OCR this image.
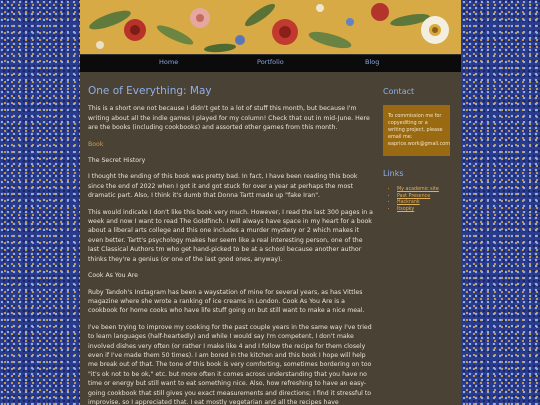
Home	Portfolio	Blog
One of Everything: May

This is a short one not because I didn't get to a lot of stuff this month, but because I'm writing about all the indie games I played for my column! Check that out in mid-June. Here are the books (including cookbooks) and assorted other games from this month.

Book

The Secret History

I thought the ending of this book was pretty bad. In fact, I have been reading this book since the end of 2022 when I got it and got stuck for over a year at perhaps the most dramatic part. Also, I think it's dumb that Donna Tartt made up "fake Iran".

This would indicate I don't like this book very much. However, I read the last 300 pages in a week and now I want to read The Goldfinch. I will always have space in my heart for a book about a liberal arts college and this one includes a murder mystery or 2 which makes it even better. Tartt's psychology makes her seem like a real interesting person, one of the last Classical Authors tm who get hand-picked to be at a school because another author thinks they're a genius (or one of the last good ones, anyway).

Cook As You Are

Ruby Tandoh's Instagram has been a waystation of mine for several years, as has Vittles magazine where she wrote a ranking of ice creams in London. Cook As You Are is a cookbook for home cooks who have life stuff going on but still want to make a nice meal.

I've been trying to improve my cooking for the past couple years in the same way I've tried to learn languages (half-heartedly) and while I would say I'm competent, I don't make involved dishes very often (or rather I make like 4 and I follow the recipe for them closely even if I've made them 50 times). I am bored in the kitchen and this book I hope will help me break out of that. The tone of this book is very comforting, sometimes bordering on too "it's ok not to be ok," etc. but more often it comes across understanding that you have no time or energy but still want to eat something nice. Also, how refreshing to have an easy-going cookbook that still gives you exact measurements and directions; I find it stressful to improvise, so I appreciated that. I eat mostly vegetarian and all the recipes have

Contact
To commission me for
copyediting or a
writing project, please
email me:
eaprice.work@gmail.com
Links
• My academic site
• Past Presence
• Hackrank
• Itsopky
